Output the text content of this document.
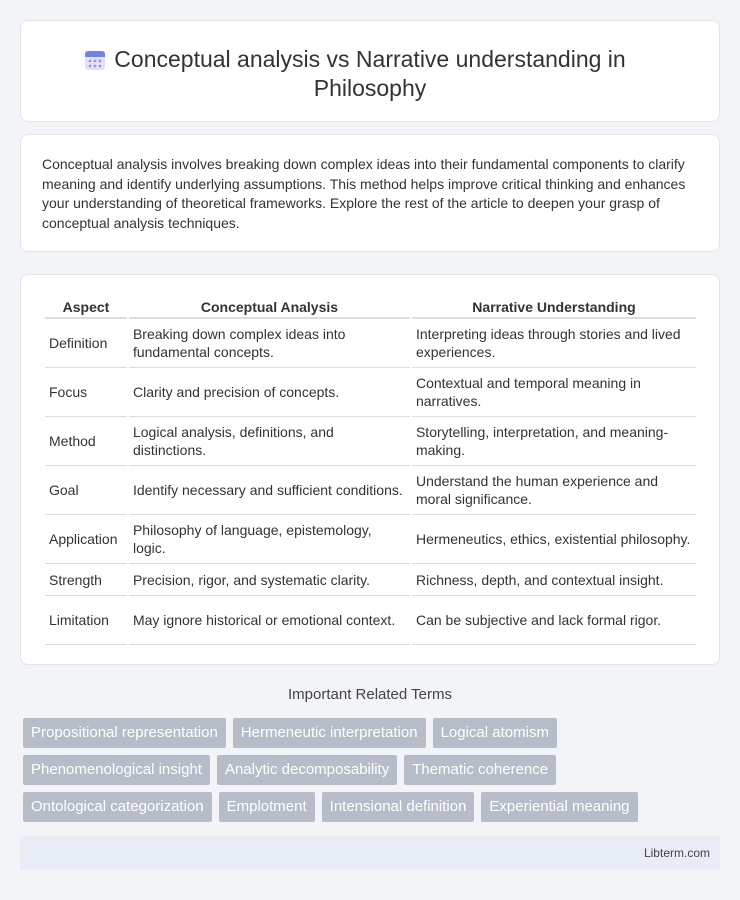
Conceptual analysis vs Narrative understanding in
Philosophy

Conceptual analysis involves breaking down complex ideas into their fundamental components to clarify meaning and identify underlying assumptions. This method helps improve critical thinking and enhances your understanding of theoretical frameworks. Explore the rest of the article to deepen your grasp of conceptual analysis techniques.

Aspect	Conceptual Analysis	Narrative Understanding
Definition	Breaking down complex ideas into fundamental concepts.	Interpreting ideas through stories and lived experiences.
Focus	Clarity and precision of concepts.	Contextual and temporal meaning in narratives.
Method	Logical analysis, definitions, and distinctions.	Storytelling, interpretation, and meaning-making.
Goal	Identify necessary and sufficient conditions.	Understand the human experience and moral significance.
Application	Philosophy of language, epistemology, logic.	Hermeneutics, ethics, existential philosophy.
Strength	Precision, rigor, and systematic clarity.	Richness, depth, and contextual insight.
Limitation	May ignore historical or emotional context.	Can be subjective and lack formal rigor.
Important Related Terms
Propositional representation	Hermeneutic interpretation	Logical atomism
Phenomenological insight	Analytic decomposability	Thematic coherence
Ontological categorization	Emplotment	Intensional definition	Experiential meaning
Libterm.com
